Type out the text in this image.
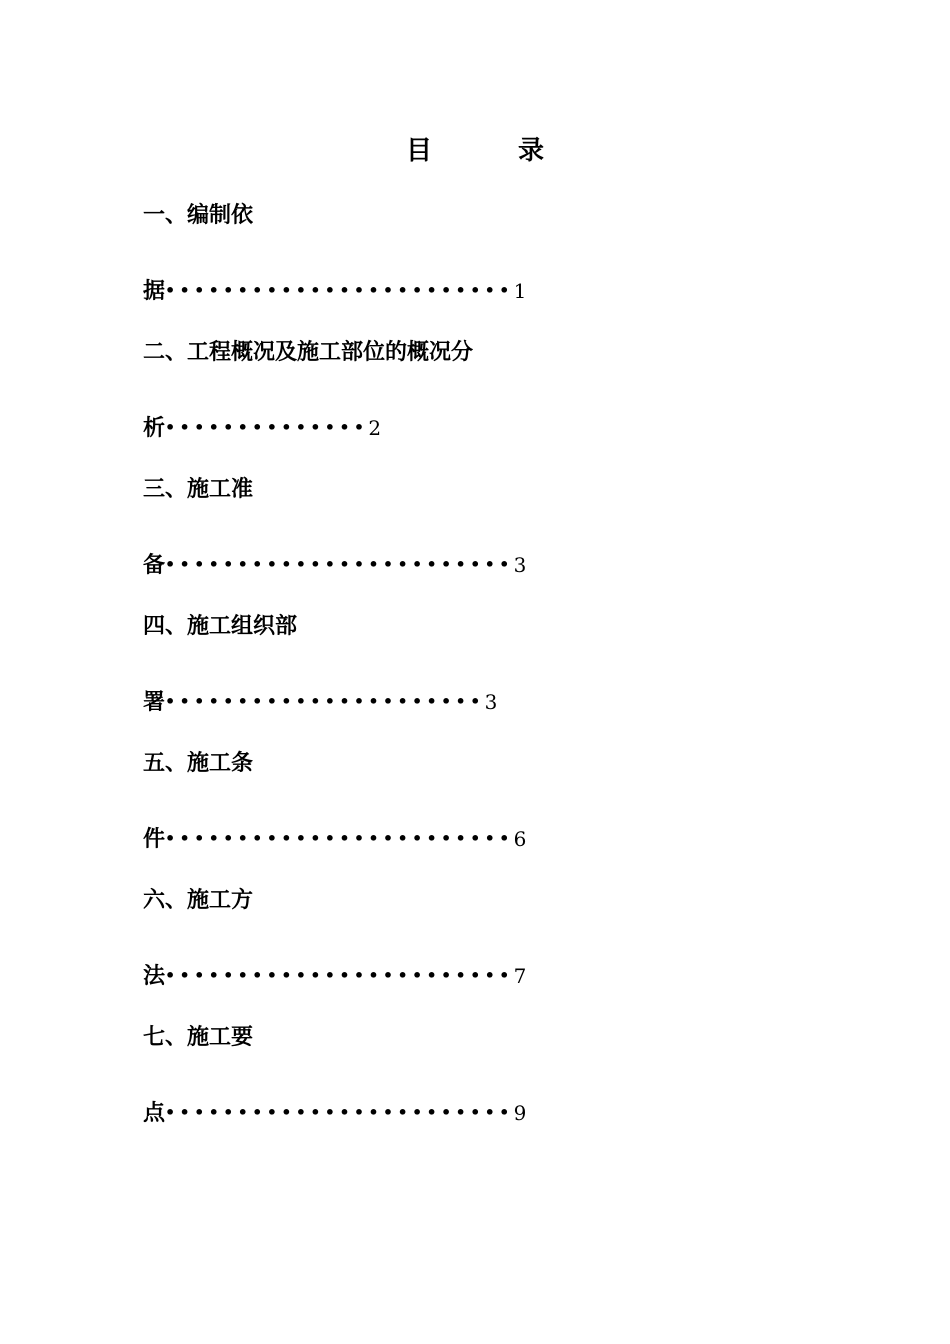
目	录
一、编制依
据 •••••••••••••••••••••••• 1
二、工程概况及施工部位的概况分
析 •••••••••••••• 2
三、施工准
备 •••••••••••••••••••••••• 3
四、施工组织部
署 •••••••••••••••••••••• 3
五、施工条
件 •••••••••••••••••••••••• 6
六、施工方
法 •••••••••••••••••••••••• 7
七、施工要
点 •••••••••••••••••••••••• 9
